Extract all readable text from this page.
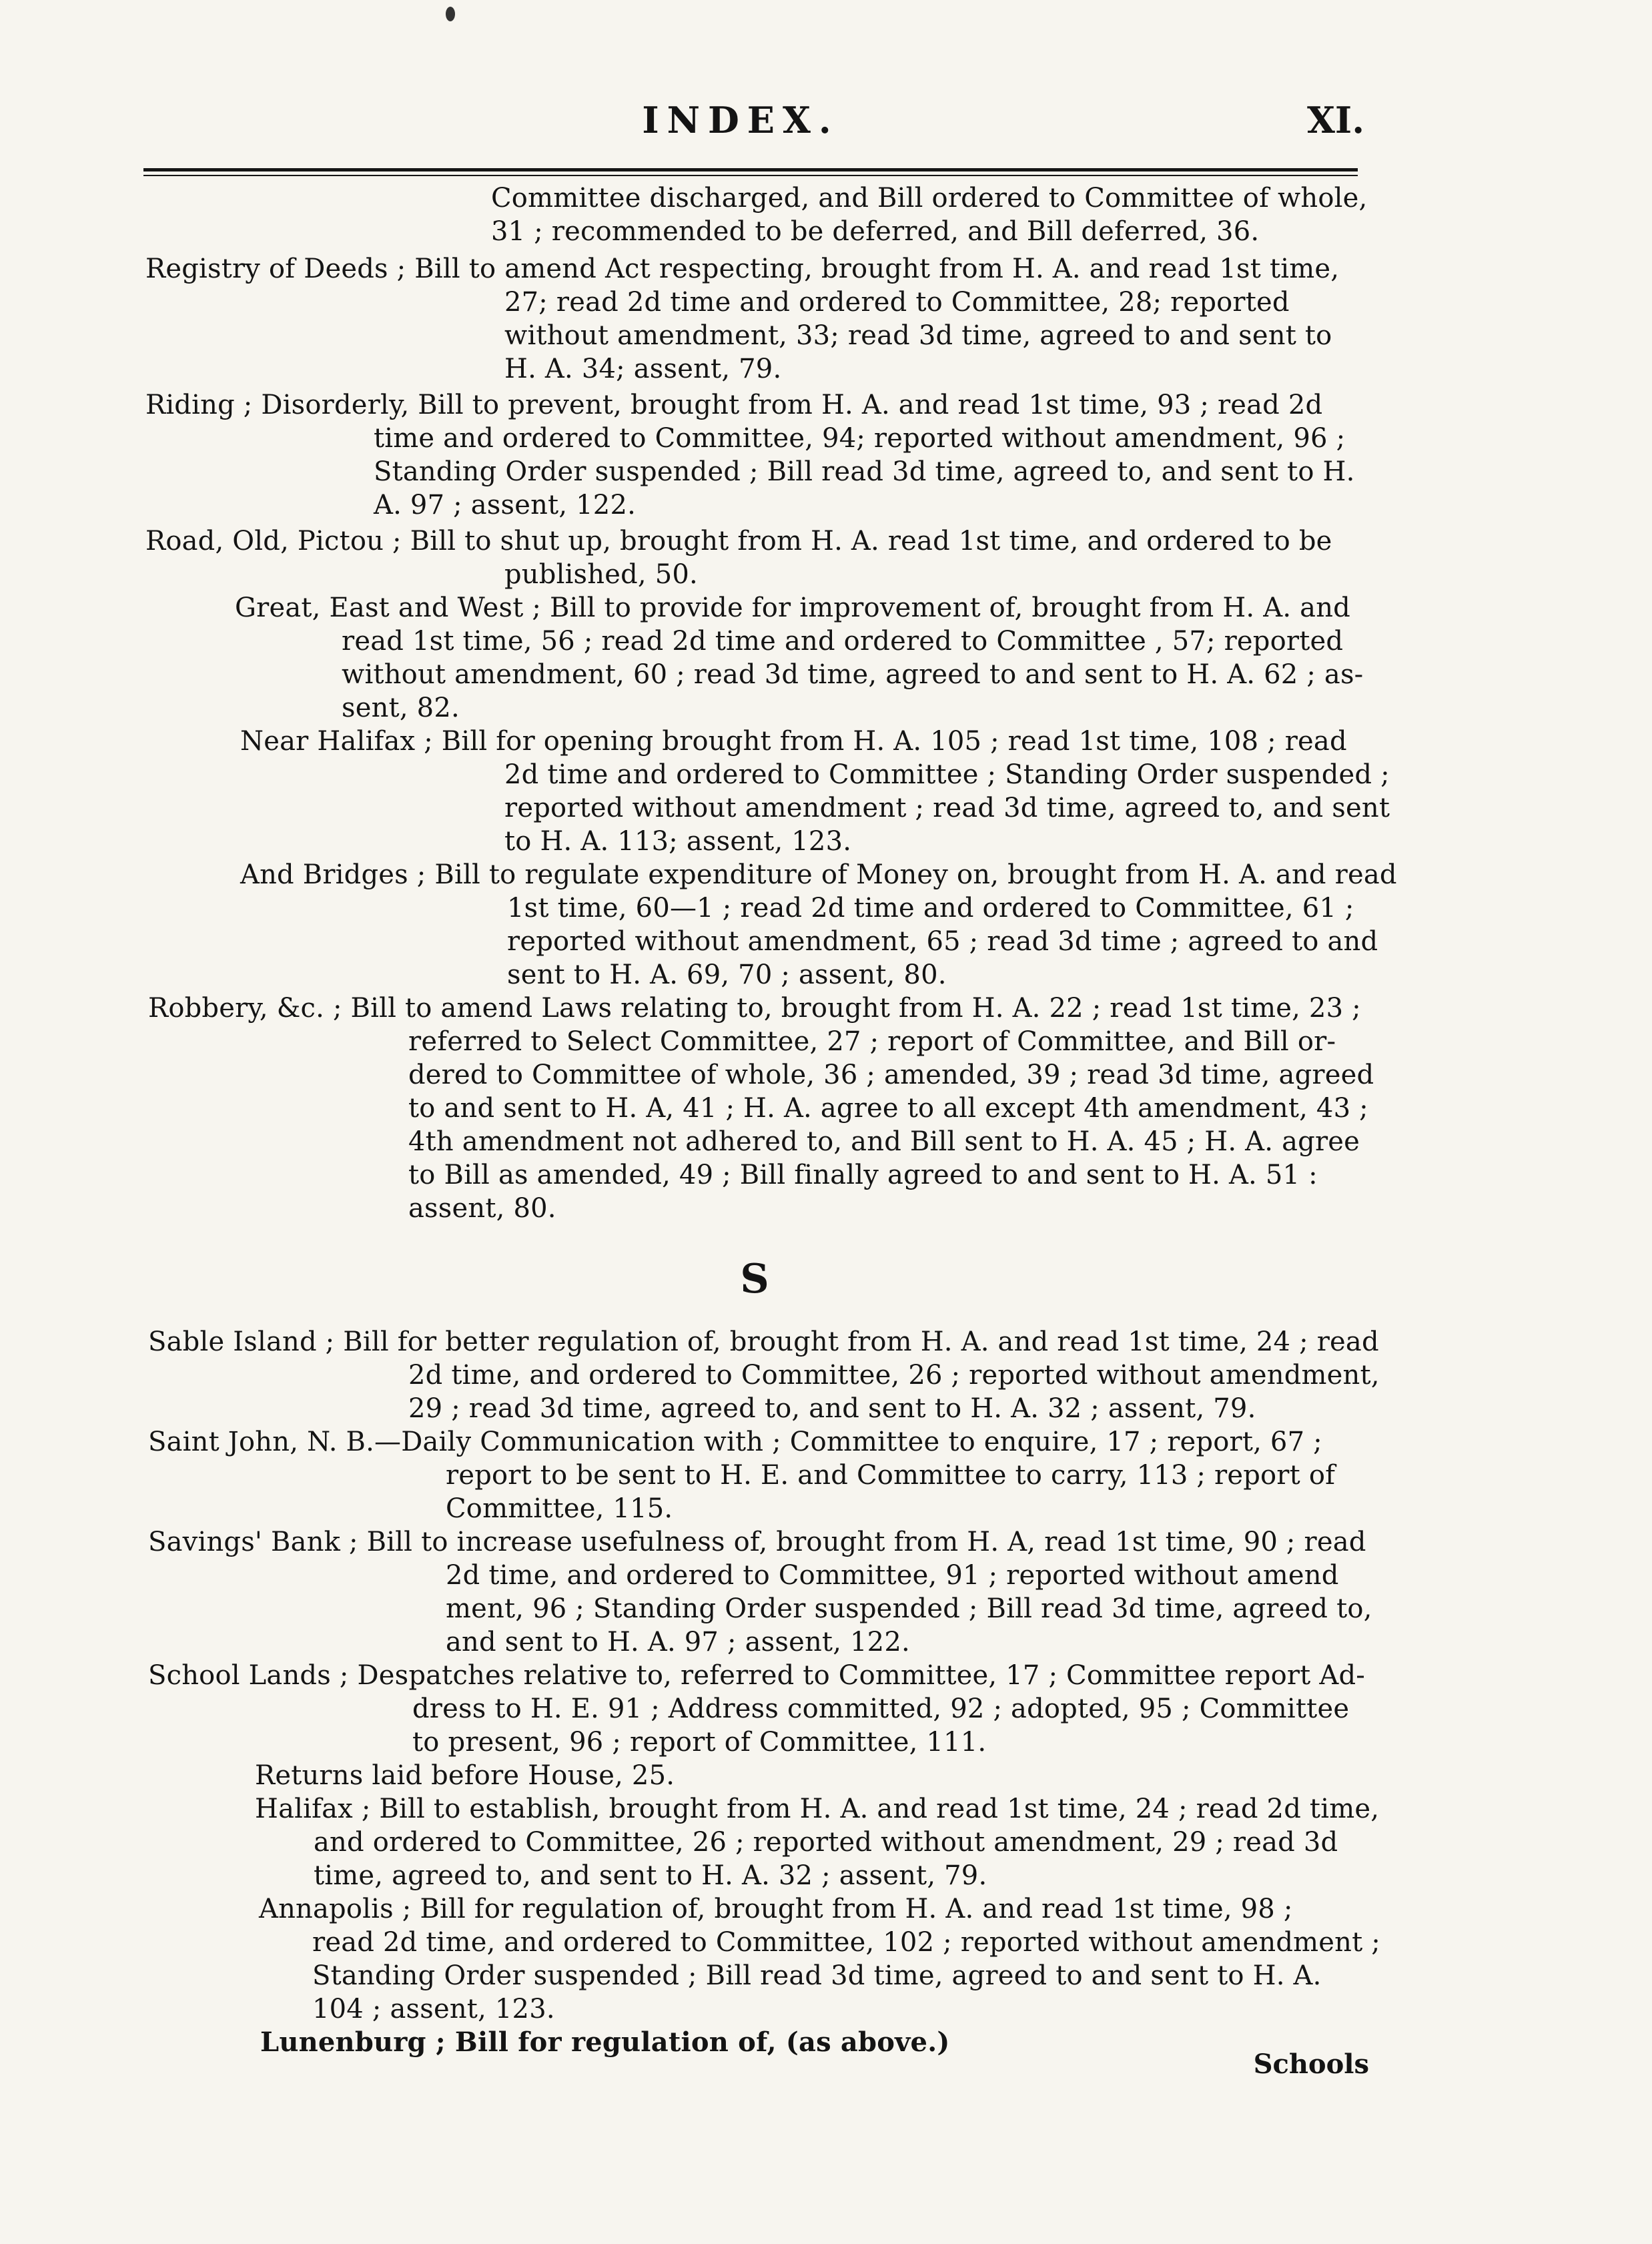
INDEX.	XI.
Committee discharged, and Bill ordered to Committee of whole,
31 ; recommended to be deferred, and Bill deferred, 36.
Registry of Deeds ; Bill to amend Act respecting, brought from H. A. and read 1st time,
27; read 2d time and ordered to Committee, 28; reported
without amendment, 33; read 3d time, agreed to and sent to
H. A. 34; assent, 79.
Riding ; Disorderly, Bill to prevent, brought from H. A. and read 1st time, 93 ; read 2d
time and ordered to Committee, 94; reported without amendment, 96 ;
Standing Order suspended ; Bill read 3d time, agreed to, and sent to H.
A. 97 ; assent, 122.
Road, Old, Pictou ; Bill to shut up, brought from H. A. read 1st time, and ordered to be
published, 50.
Great, East and West ; Bill to provide for improvement of, brought from H. A. and
read 1st time, 56 ; read 2d time and ordered to Committee , 57; reported
without amendment, 60 ; read 3d time, agreed to and sent to H. A. 62 ; as-
sent, 82.
Near Halifax ; Bill for opening brought from H. A. 105 ; read 1st time, 108 ; read
2d time and ordered to Committee ; Standing Order suspended ;
reported without amendment ; read 3d time, agreed to, and sent
to H. A. 113; assent, 123.
And Bridges ; Bill to regulate expenditure of Money on, brought from H. A. and read
1st time, 60—1 ; read 2d time and ordered to Committee, 61 ;
reported without amendment, 65 ; read 3d time ; agreed to and
sent to H. A. 69, 70 ; assent, 80.
Robbery, &c. ; Bill to amend Laws relating to, brought from H. A. 22 ; read 1st time, 23 ;
referred to Select Committee, 27 ; report of Committee, and Bill or-
dered to Committee of whole, 36 ; amended, 39 ; read 3d time, agreed
to and sent to H. A, 41 ; H. A. agree to all except 4th amendment, 43 ;
4th amendment not adhered to, and Bill sent to H. A. 45 ; H. A. agree
to Bill as amended, 49 ; Bill finally agreed to and sent to H. A. 51 :
assent, 80.
S
Sable Island ; Bill for better regulation of, brought from H. A. and read 1st time, 24 ; read
2d time, and ordered to Committee, 26 ; reported without amendment,
29 ; read 3d time, agreed to, and sent to H. A. 32 ; assent, 79.
Saint John, N. B.—Daily Communication with ; Committee to enquire, 17 ; report, 67 ;
report to be sent to H. E. and Committee to carry, 113 ; report of
Committee, 115.
Savings' Bank ; Bill to increase usefulness of, brought from H. A, read 1st time, 90 ; read
2d time, and ordered to Committee, 91 ; reported without amend
ment, 96 ; Standing Order suspended ; Bill read 3d time, agreed to,
and sent to H. A. 97 ; assent, 122.
School Lands ; Despatches relative to, referred to Committee, 17 ; Committee report Ad-
dress to H. E. 91 ; Address committed, 92 ; adopted, 95 ; Committee
to present, 96 ; report of Committee, 111.
Returns laid before House, 25.
Halifax ; Bill to establish, brought from H. A. and read 1st time, 24 ; read 2d time,
and ordered to Committee, 26 ; reported without amendment, 29 ; read 3d
time, agreed to, and sent to H. A. 32 ; assent, 79.
Annapolis ; Bill for regulation of, brought from H. A. and read 1st time, 98 ;
read 2d time, and ordered to Committee, 102 ; reported without amendment ;
Standing Order suspended ; Bill read 3d time, agreed to and sent to H. A.
104 ; assent, 123.
Lunenburg ; Bill for regulation of, (as above.)
Schools
